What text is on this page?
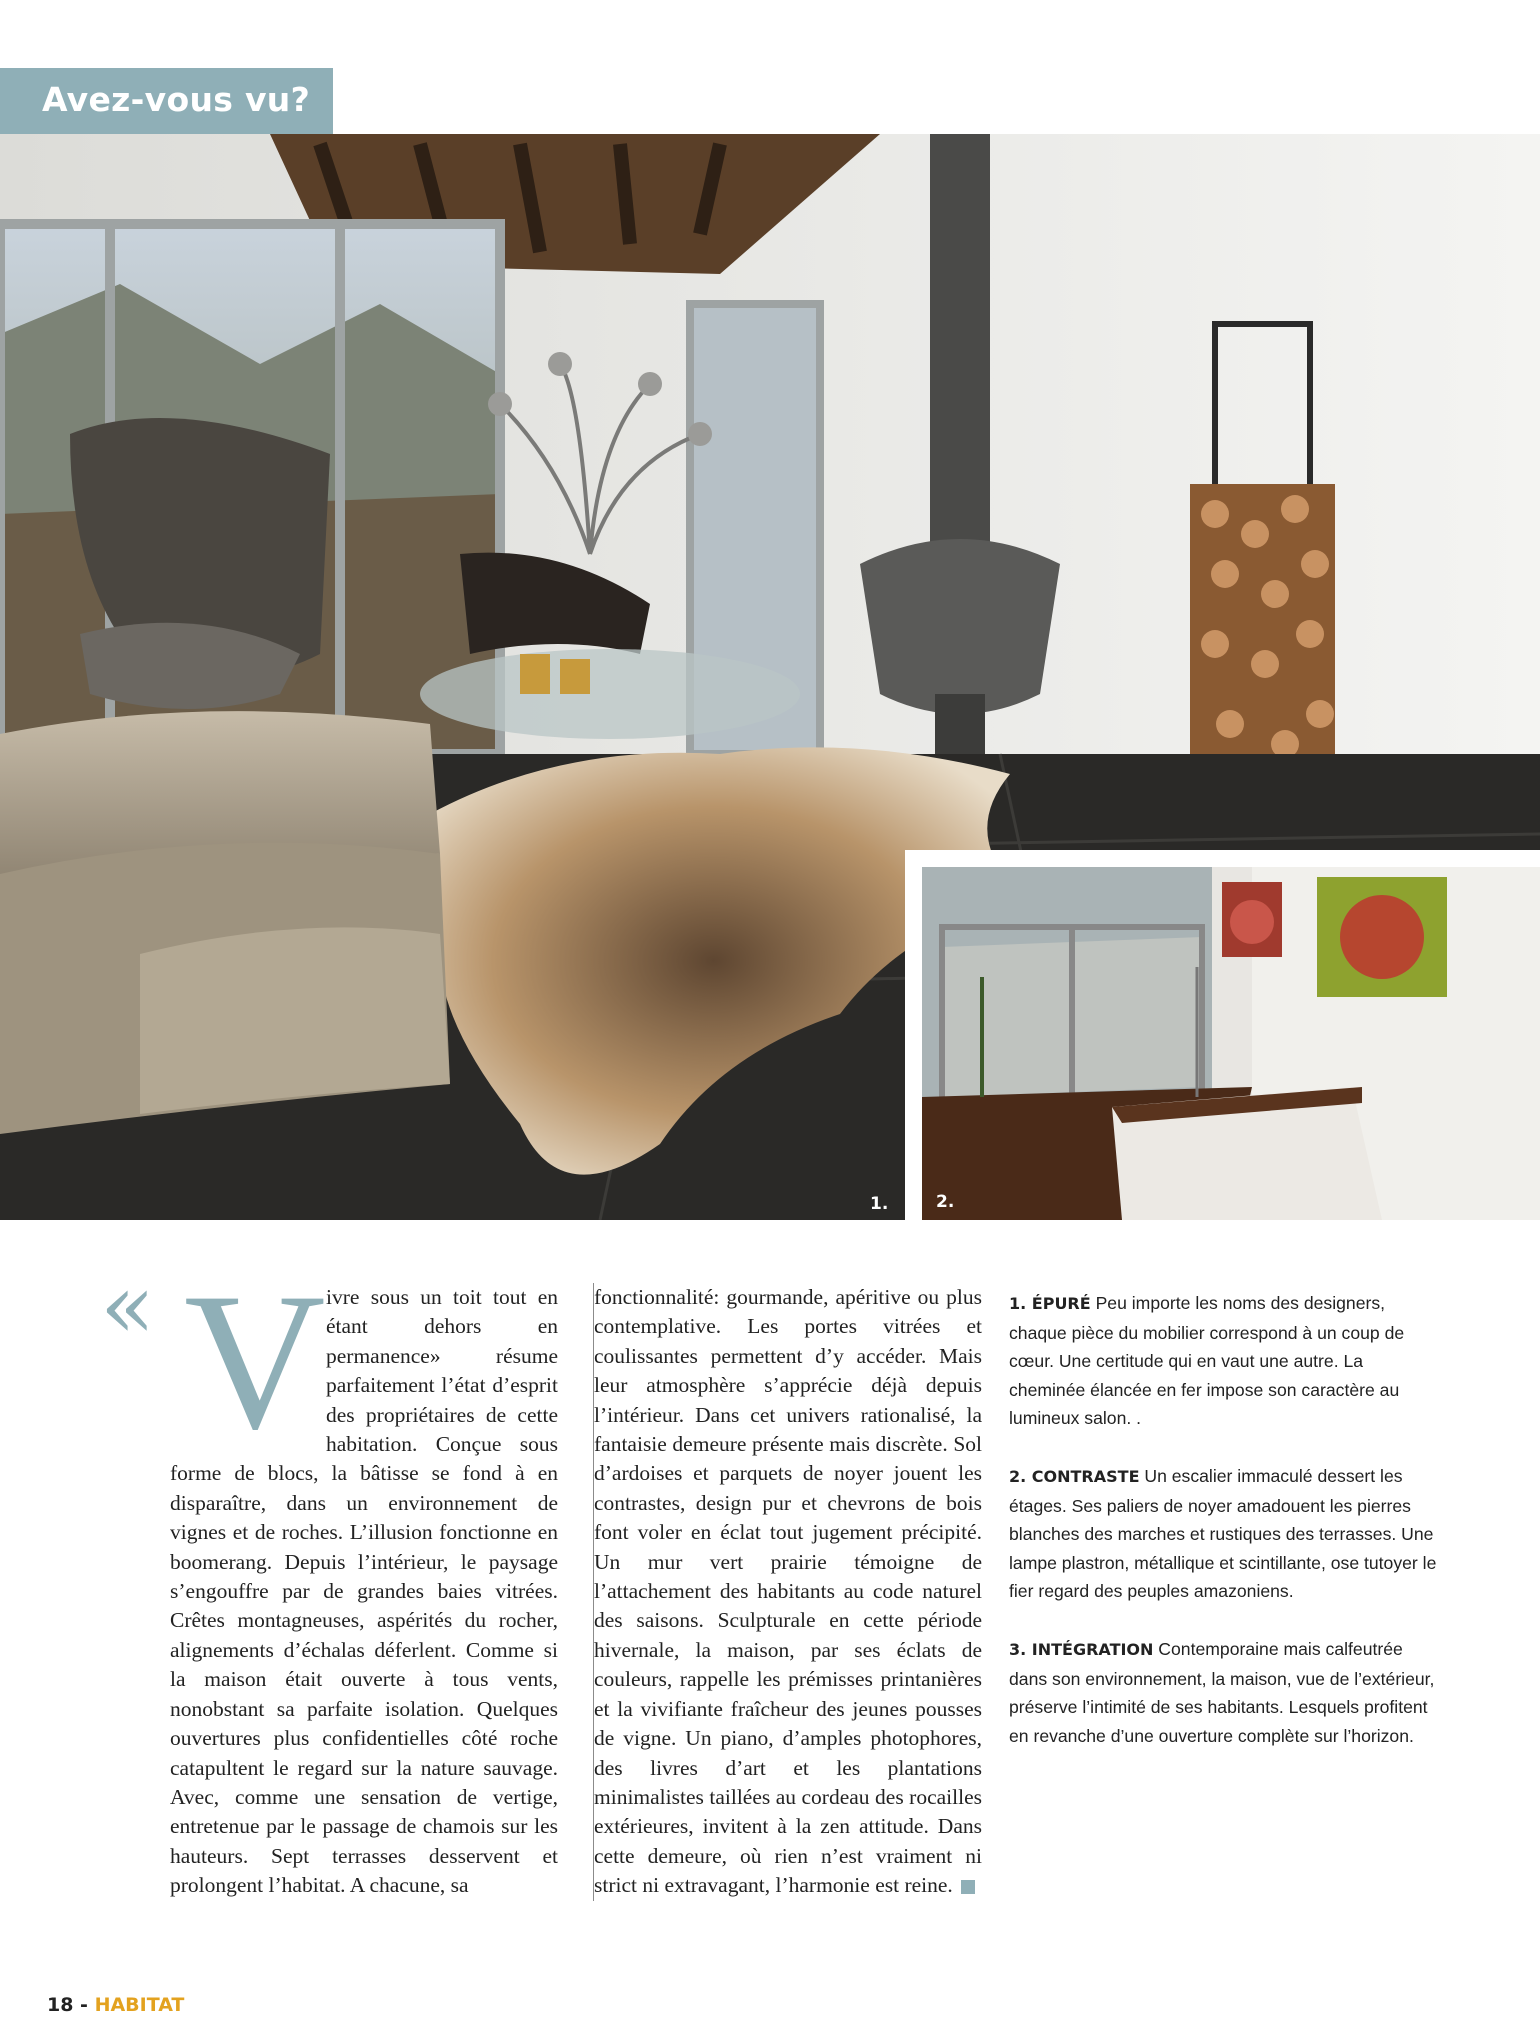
Avez-vous vu?
1.	2.
« Vivre sous un toit tout en étant dehors en permanence» résume parfaitement l’état d’esprit des propriétaires de cette habitation. Conçue sous forme de blocs, la bâtisse se fond à en disparaître, dans un environnement de vignes et de roches. L’illusion fonctionne en boomerang. Depuis l’intérieur, le paysage s’engouffre par de grandes baies vitrées. Crêtes montagneuses, aspérités du rocher, alignements d’échalas déferlent. Comme si la maison était ouverte à tous vents, nonobstant sa parfaite isolation. Quelques ouvertures plus confidentielles côté roche catapultent le regard sur la nature sauvage. Avec, comme une sensation de vertige, entretenue par le passage de chamois sur les hauteurs. Sept terrasses desservent et prolongent l’habitat. A chacune, sa

fonctionnalité: gourmande, apéritive ou plus contemplative. Les portes vitrées et coulissantes permettent d’y accéder. Mais leur atmosphère s’apprécie déjà depuis l’intérieur. Dans cet univers rationalisé, la fantaisie demeure présente mais discrète. Sol d’ardoises et parquets de noyer jouent les contrastes, design pur et chevrons de bois font voler en éclat tout jugement précipité. Un mur vert prairie témoigne de l’attachement des habitants au code naturel des saisons. Sculpturale en cette période hivernale, la maison, par ses éclats de couleurs, rappelle les prémisses printanières et la vivifiante fraîcheur des jeunes pousses de vigne. Un piano, d’amples photophores, des livres d’art et les plantations minimalistes taillées au cordeau des rocailles extérieures, invitent à la zen attitude. Dans cette demeure, où rien n’est vraiment ni strict ni extravagant, l’harmonie est reine.

1. ÉPURÉ Peu importe les noms des designers, chaque pièce du mobilier correspond à un coup de cœur. Une certitude qui en vaut une autre. La cheminée élancée en fer impose son caractère au lumineux salon. .

2. CONTRASTE Un escalier immaculé dessert les étages. Ses paliers de noyer amadouent les pierres blanches des marches et rustiques des terrasses. Une lampe plastron, métallique et scintillante, ose tutoyer le fier regard des peuples amazoniens.

3. INTÉGRATION Contemporaine mais calfeutrée dans son environnement, la maison, vue de l’extérieur, préserve l’intimité de ses habitants. Lesquels profitent en revanche d’une ouverture complète sur l’horizon.

18 - HABITAT
